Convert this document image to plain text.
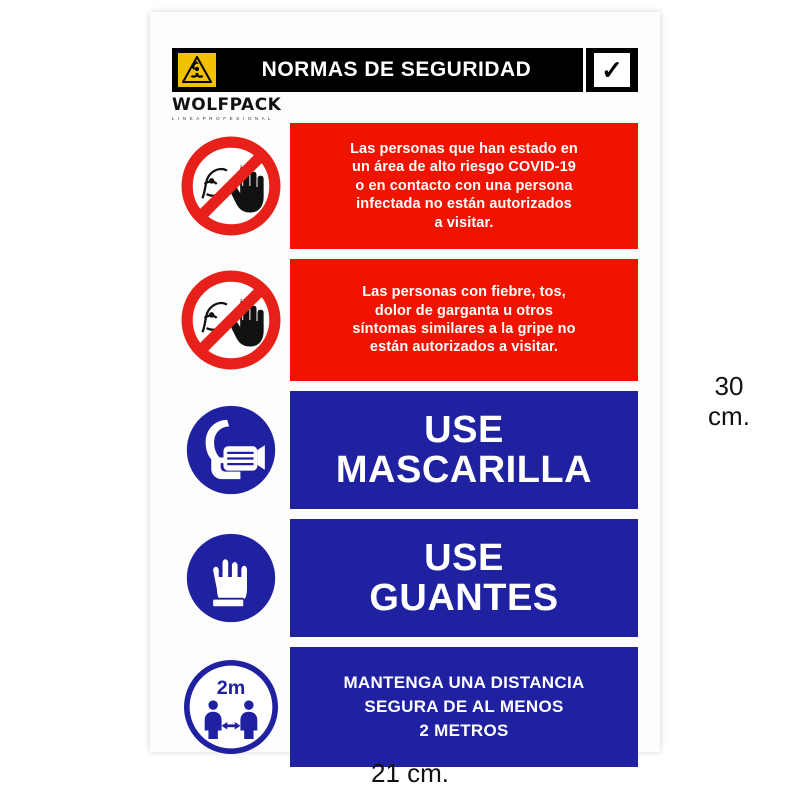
NORMAS DE SEGURIDAD	✓
WOLFPACK
L I N E A P R O F E S I O N A L
Las personas que han estado en
un área de alto riesgo COVID-19
o en contacto con una persona
infectada no están autorizados
a visitar.
Las personas con fiebre, tos,
dolor de garganta u otros
síntomas similares a la gripe no
están autorizados a visitar.
USE
MASCARILLA
USE
GUANTES
2m	MANTENGA UNA DISTANCIA
SEGURA DE AL MENOS
2 METROS
30
cm.
21 cm.
